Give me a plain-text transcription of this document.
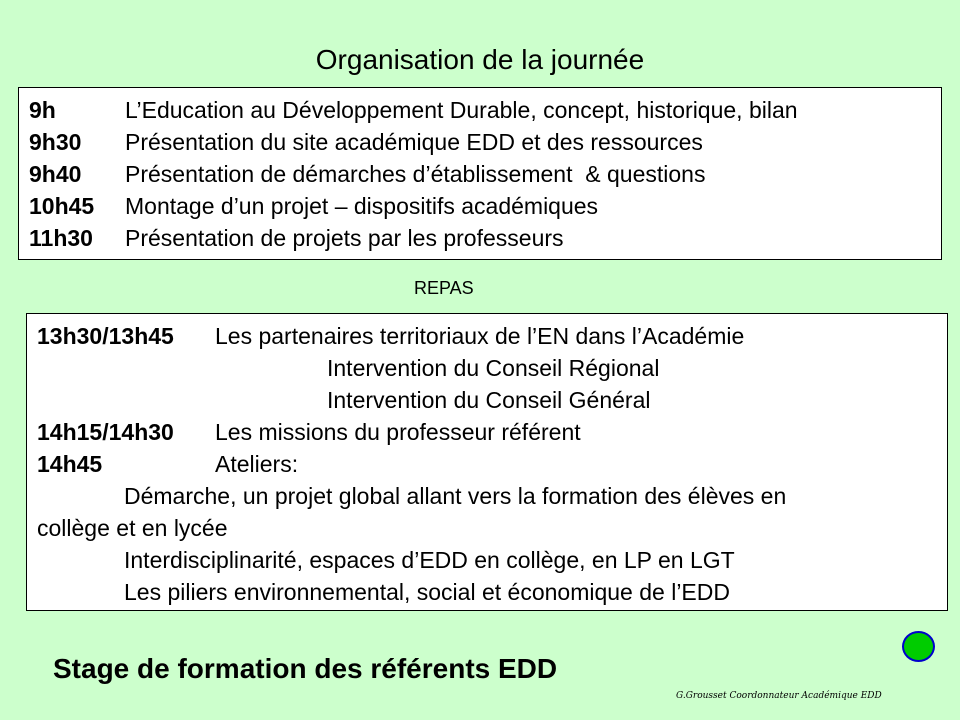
Organisation de la journée
9h	L’Education au Développement Durable, concept, historique, bilan
9h30	Présentation du site académique EDD et des ressources
9h40	Présentation de démarches d’établissement  & questions
10h45	Montage d’un projet – dispositifs académiques
11h30	Présentation de projets par les professeurs
REPAS
13h30/13h45	Les partenaires territoriaux de l’EN dans l’Académie
Intervention du Conseil Régional
Intervention du Conseil Général
14h15/14h30	Les missions du professeur référent
14h45	Ateliers:
Démarche, un projet global allant vers la formation des élèves en
collège et en lycée
Interdisciplinarité, espaces d’EDD en collège, en LP en LGT
Les piliers environnemental, social et économique de l’EDD
Stage de formation des référents EDD
G.Grousset Coordonnateur Académique EDD
